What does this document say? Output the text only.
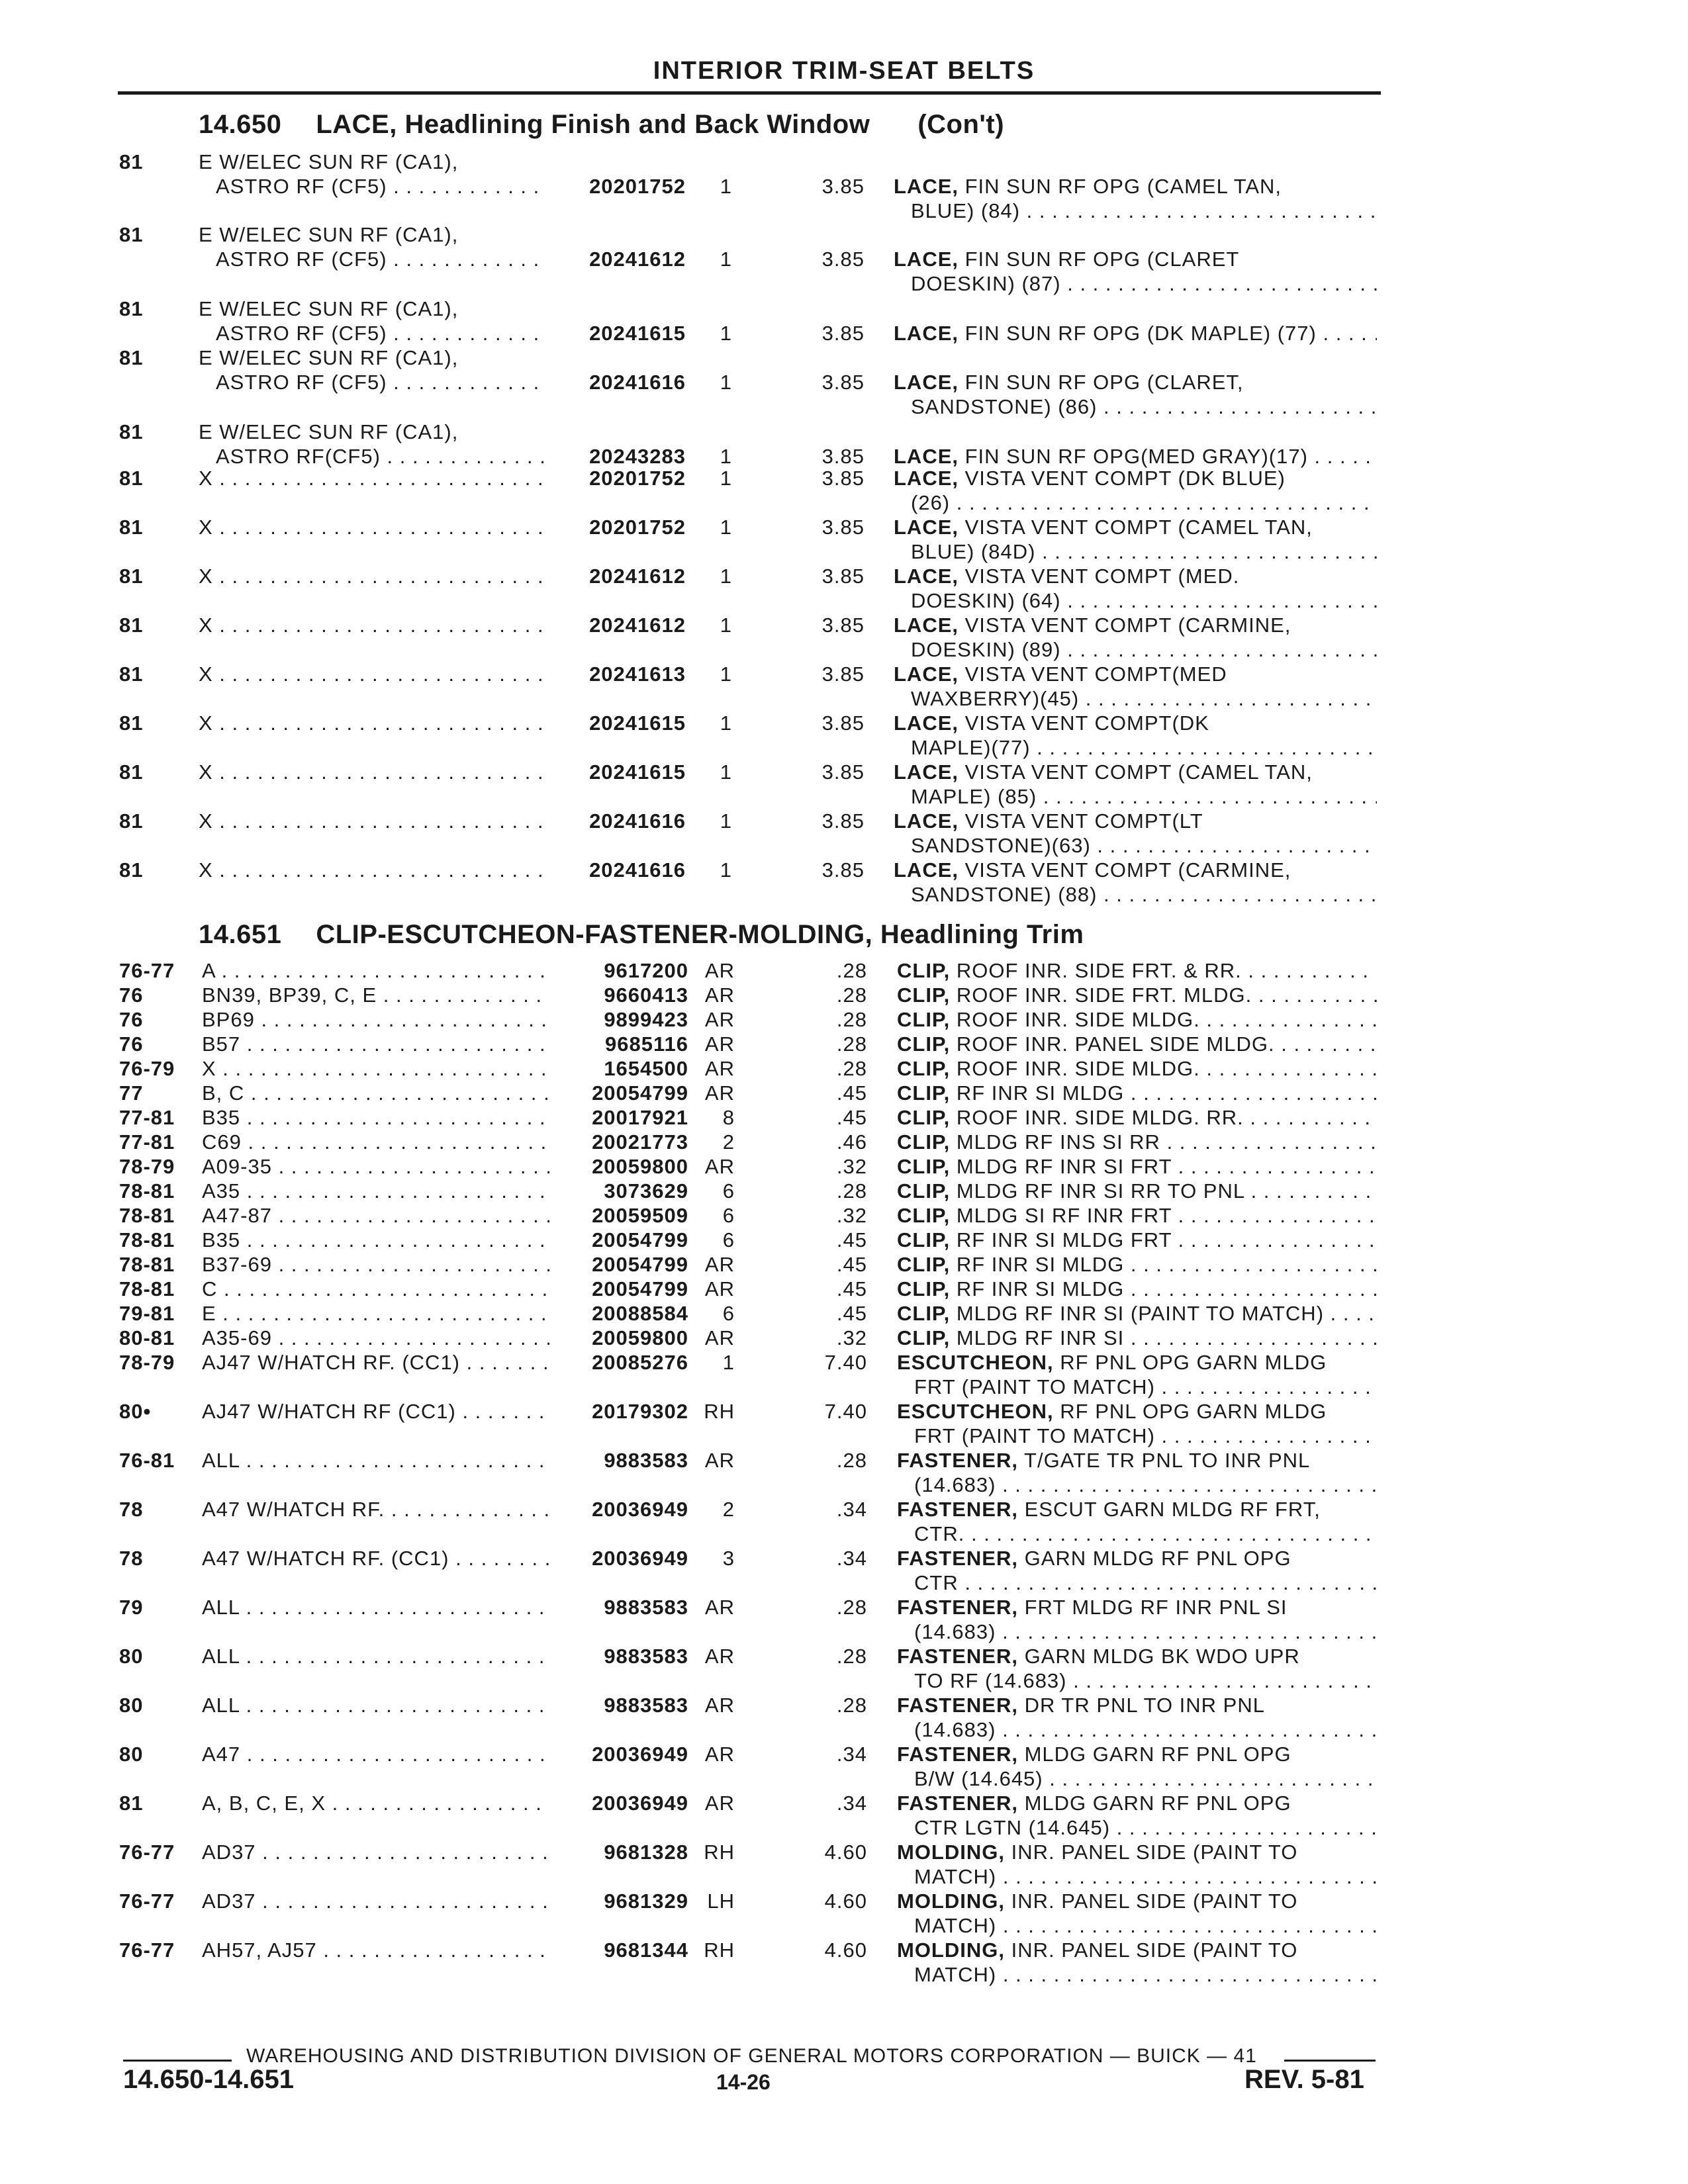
INTERIOR TRIM-SEAT BELTS
14.650 LACE, Headlining Finish and Back Window (Con't)
81	E W/ELEC SUN RF (CA1),
ASTRO RF (CF5) . . .	20201752	1	3.85 LACE, FIN SUN RF OPG (CAMEL TAN,
BLUE) (84) . . .
81	E W/ELEC SUN RF (CA1),
ASTRO RF (CF5) . . .	20241612	1	3.85 LACE, FIN SUN RF OPG (CLARET
DOESKIN) (87) . . .
81	E W/ELEC SUN RF (CA1),
ASTRO RF (CF5) . . .	20241615	1	3.85 LACE, FIN SUN RF OPG (DK MAPLE) (77) . . . .
81	E W/ELEC SUN RF (CA1),
ASTRO RF (CF5) . . .	20241616	1	3.85 LACE, FIN SUN RF OPG (CLARET,
SANDSTONE) (86) . . .
81	E W/ELEC SUN RF (CA1),
ASTRO RF(CF5) . . .	20243283	1	3.85 LACE, FIN SUN RF OPG(MED GRAY)(17) . . . . .
81	X . . .	20201752	1	3.85 LACE, VISTA VENT COMPT (DK BLUE)
(26) . . .
81	X . . .	20201752	1	3.85 LACE, VISTA VENT COMPT (CAMEL TAN,
BLUE) (84D) . . .
81	X . . .	20241612	1	3.85 LACE, VISTA VENT COMPT (MED.
DOESKIN) (64) . . .
81	X . . .	20241612	1	3.85 LACE, VISTA VENT COMPT (CARMINE,
DOESKIN) (89) . . .
81	X . . .	20241613	1	3.85 LACE, VISTA VENT COMPT(MED
WAXBERRY)(45) . . .
81	X . . .	20241615	1	3.85 LACE, VISTA VENT COMPT(DK
MAPLE)(77) . . .
81	X . . .	20241615	1	3.85 LACE, VISTA VENT COMPT (CAMEL TAN,
MAPLE) (85) . . .
81	X . . .	20241616	1	3.85 LACE, VISTA VENT COMPT(LT
SANDSTONE)(63) . . .
81	X . . .	20241616	1	3.85 LACE, VISTA VENT COMPT (CARMINE,
SANDSTONE) (88) . . .
14.651 CLIP-ESCUTCHEON-FASTENER-MOLDING, Headlining Trim
76-77 A . . .	9617200 AR	.28 CLIP, ROOF INR. SIDE FRT. & RR. . . .
76	BN39, BP39, C, E . . .	9660413 AR	.28 CLIP, ROOF INR. SIDE FRT. MLDG. . . .
76	BP69 . . .	9899423 AR	.28 CLIP, ROOF INR. SIDE MLDG. . . .
76	B57 . . .	9685116 AR	.28 CLIP, ROOF INR. PANEL SIDE MLDG. . . .
76-79 X . . .	1654500 AR	.28 CLIP, ROOF INR. SIDE MLDG. . . .
77	B, C . . .	20054799 AR	.45 CLIP, RF INR SI MLDG . . .
77-81 B35 . . .	20017921	8	.45 CLIP, ROOF INR. SIDE MLDG. RR. . . .
77-81 C69 . . .	20021773	2	.46 CLIP, MLDG RF INS SI RR . . .
78-79 A09-35 . . .	20059800 AR	.32 CLIP, MLDG RF INR SI FRT . . .
78-81 A35 . . .	3073629	6	.28 CLIP, MLDG RF INR SI RR TO PNL . . .
78-81 A47-87 . . .	20059509	6	.32 CLIP, MLDG SI RF INR FRT . . .
78-81 B35 . . .	20054799	6	.45 CLIP, RF INR SI MLDG FRT . . .
78-81 B37-69 . . .	20054799 AR	.45 CLIP, RF INR SI MLDG . . .
78-81 C . . .	20054799 AR	.45 CLIP, RF INR SI MLDG . . .
79-81 E . . .	20088584	6	.45 CLIP, MLDG RF INR SI (PAINT TO MATCH) . . .
80-81 A35-69 . . .	20059800 AR	.32 CLIP, MLDG RF INR SI . . .
78-79 AJ47 W/HATCH RF. (CC1) . . .	20085276	1	7.40 ESCUTCHEON, RF PNL OPG GARN MLDG
FRT (PAINT TO MATCH) . . .
80• AJ47 W/HATCH RF (CC1) . . .	20179302 RH	7.40 ESCUTCHEON, RF PNL OPG GARN MLDG
FRT (PAINT TO MATCH) . . .
76-81 ALL . . .	9883583 AR	.28 FASTENER, T/GATE TR PNL TO INR PNL
(14.683) . . .
78	A47 W/HATCH RF. . . .	20036949	2	.34 FASTENER, ESCUT GARN MLDG RF FRT,
CTR. . . .
78	A47 W/HATCH RF. (CC1) . . .	20036949	3	.34 FASTENER, GARN MLDG RF PNL OPG
CTR . . .
79	ALL . . .	9883583 AR	.28 FASTENER, FRT MLDG RF INR PNL SI
(14.683) . . .
80	ALL . . .	9883583 AR	.28 FASTENER, GARN MLDG BK WDO UPR
TO RF (14.683) . . .
80	ALL . . .	9883583 AR	.28 FASTENER, DR TR PNL TO INR PNL
(14.683) . . .
80	A47 . . .	20036949 AR	.34 FASTENER, MLDG GARN RF PNL OPG
B/W (14.645) . . .
81	A, B, C, E, X . . .	20036949 AR	.34 FASTENER, MLDG GARN RF PNL OPG
CTR LGTN (14.645) . . .
76-77 AD37 . . .	9681328 RH	4.60 MOLDING, INR. PANEL SIDE (PAINT TO
MATCH) . . .
76-77 AD37 . . .	9681329 LH	4.60 MOLDING, INR. PANEL SIDE (PAINT TO
MATCH) . . .
76-77 AH57, AJ57 . . .	9681344 RH	4.60 MOLDING, INR. PANEL SIDE (PAINT TO
MATCH) . . .
WAREHOUSING AND DISTRIBUTION DIVISION OF GENERAL MOTORS CORPORATION — BUICK — 41
14.650-14.651	14-26	REV. 5-81
